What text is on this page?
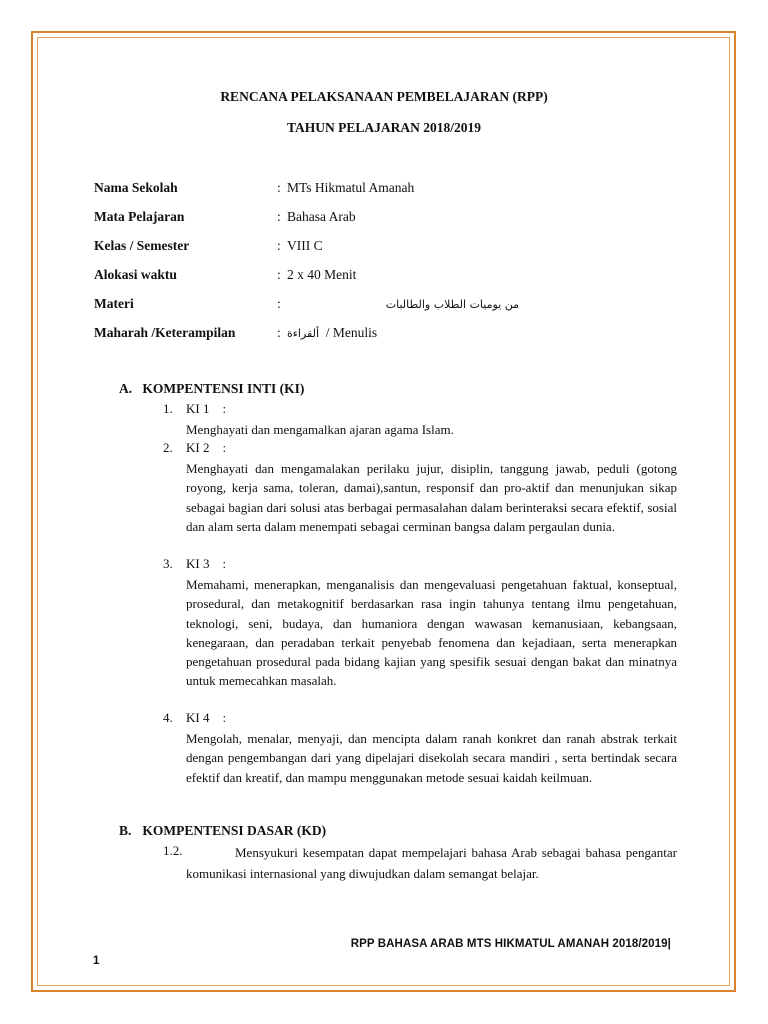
RENCANA PELAKSANAAN PEMBELAJARAN (RPP)
TAHUN PELAJARAN 2018/2019
Nama Sekolah	: MTs Hikmatul Amanah
Mata Pelajaran	: Bahasa Arab
Kelas / Semester	: VIII C
Alokasi waktu	: 2 x 40 Menit
Materi	:	من يوميات الطلاب والطالبات
Maharah /Keterampilan	: ألقراءة / Menulis
A. KOMPENTENSI INTI (KI)
1. KI 1 :
Menghayati dan mengamalkan ajaran agama Islam.
2. KI 2 :
Menghayati dan mengamalakan perilaku jujur, disiplin, tanggung jawab, peduli (gotong royong, kerja sama, toleran, damai),santun, responsif dan pro-aktif dan menunjukan sikap sebagai bagian dari solusi atas berbagai permasalahan dalam berinteraksi secara efektif, sosial dan alam serta dalam menempati sebagai cerminan bangsa dalam pergaulan dunia.
3. KI 3 :
Memahami, menerapkan, menganalisis dan mengevaluasi pengetahuan faktual, konseptual, prosedural, dan metakognitif berdasarkan rasa ingin tahunya tentang ilmu pengetahuan, teknologi, seni, budaya, dan humaniora dengan wawasan kemanusiaan, kebangsaan, kenegaraan, dan peradaban terkait penyebab fenomena dan kejadiaan, serta menerapkan pengetahuan prosedural pada bidang kajian yang spesifik sesuai dengan bakat dan minatnya untuk memecahkan masalah.
4. KI 4 :
Mengolah, menalar, menyaji, dan mencipta dalam ranah konkret dan ranah abstrak terkait dengan pengembangan dari yang dipelajari disekolah secara mandiri , serta bertindak secara efektif dan kreatif, dan mampu menggunakan metode sesuai kaidah keilmuan.
B. KOMPENTENSI DASAR (KD)
1.2.	Mensyukuri kesempatan dapat mempelajari bahasa Arab sebagai bahasa pengantar komunikasi internasional yang diwujudkan dalam semangat belajar.
RPP BAHASA ARAB MTS HIKMATUL AMANAH 2018/2019|
1
